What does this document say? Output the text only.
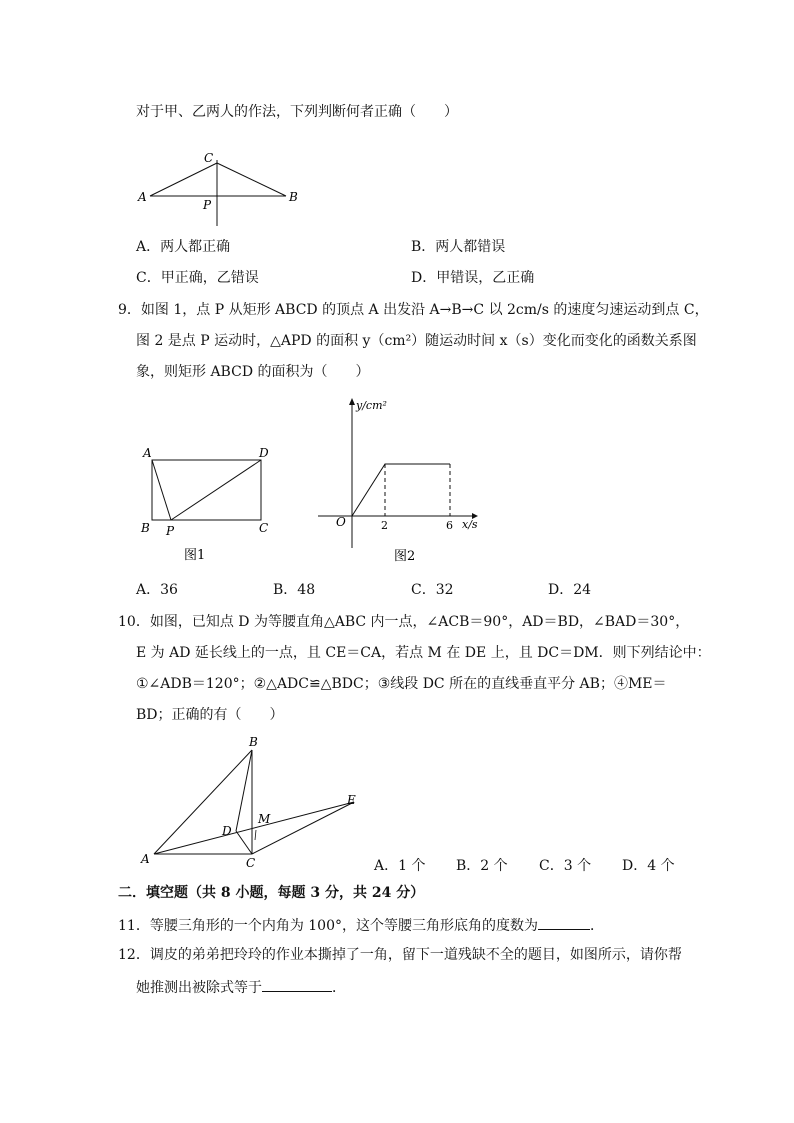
对于甲、乙两人的作法，下列判断何者正确（　　）
A	B
C
P
A．两人都正确	B．两人都错误
C．甲正确，乙错误	D．甲错误，乙正确
9．如图 1，点 P 从矩形 ABCD 的顶点 A 出发沿 A→B→C 以 2cm/s 的速度匀速运动到点 C，
图 2 是点 P 运动时，△APD 的面积 y（cm²）随运动时间 x（s）变化而变化的函数关系图
象，则矩形 ABCD 的面积为（　　）
A	D
B P	C
图1
y/cm²
x/s
O	2	6
图2
A．36	B．48	C．32	D．24
10．如图，已知点 D 为等腰直角△ABC 内一点，∠ACB＝90°，AD＝BD，∠BAD＝30°，
E 为 AD 延长线上的一点，且 CE＝CA，若点 M 在 DE 上，且 DC＝DM．则下列结论中：
①∠ADB＝120°；②△ADC≌△BDC；③线段 DC 所在的直线垂直平分 AB；④ME＝
BD；正确的有（　　）
B
A	C
D
E
M
A．1 个 B．2 个 C．3 个 D．4 个
二．填空题（共 8 小题，每题 3 分，共 24 分）
11．等腰三角形的一个内角为 100°，这个等腰三角形底角的度数为	．
12．调皮的弟弟把玲玲的作业本撕掉了一角，留下一道残缺不全的题目，如图所示，请你帮
她推测出被除式等于	．
